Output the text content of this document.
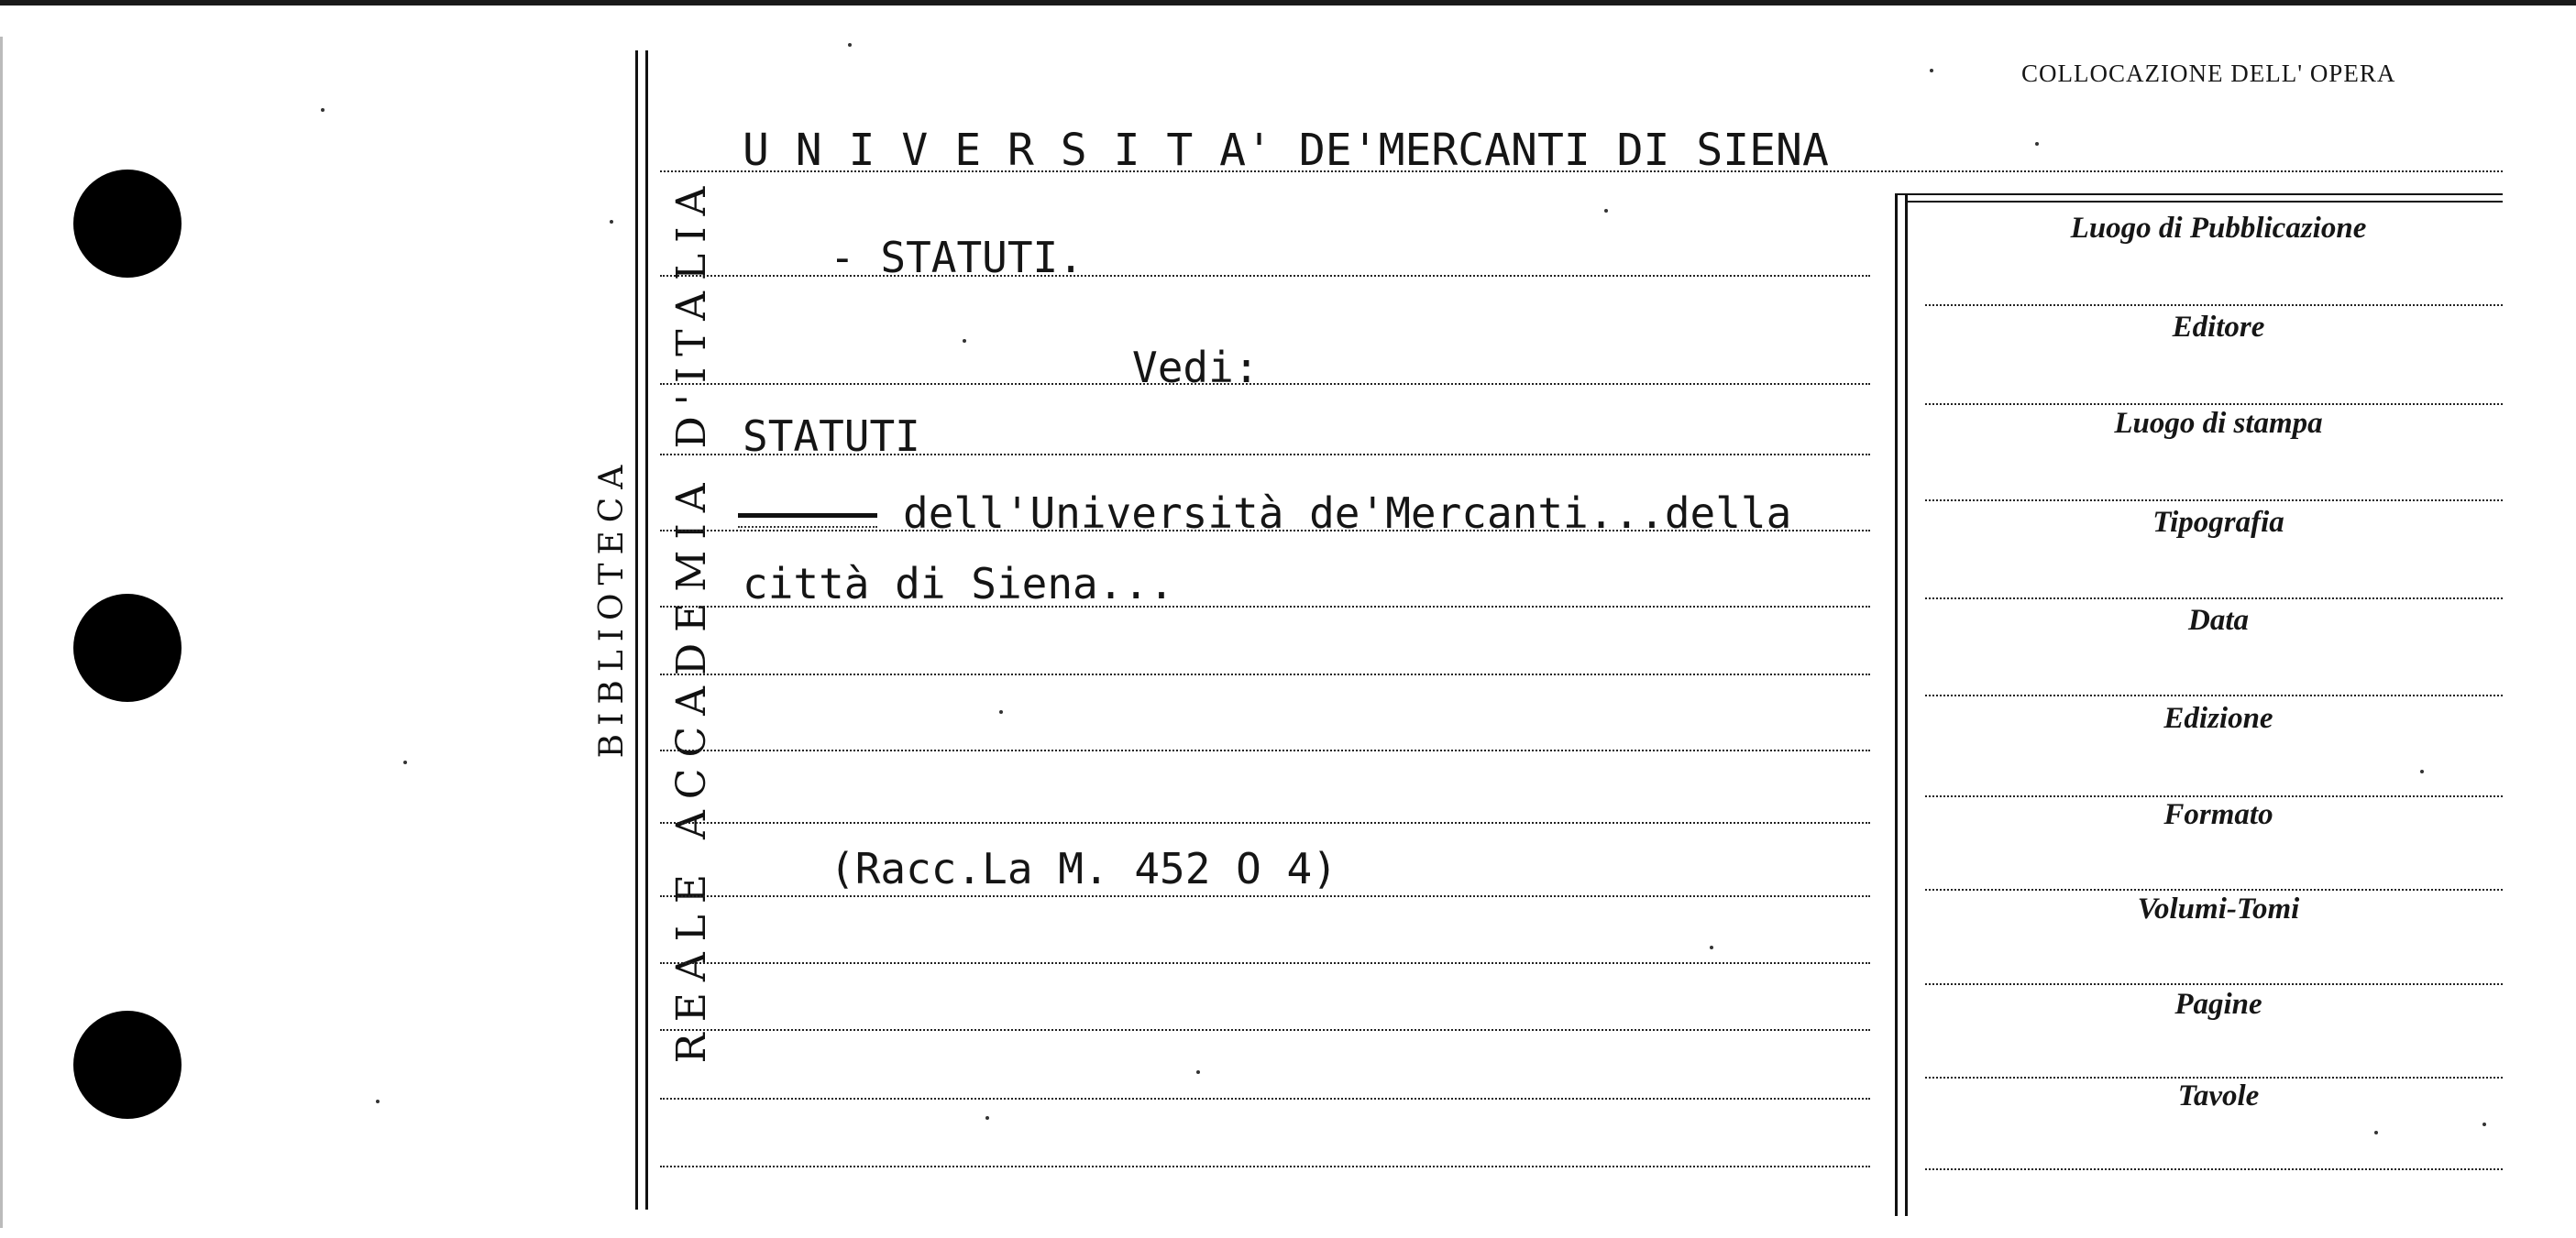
REALE ACCADEMIA D'ITALIA
BIBLIOTECA
COLLOCAZIONE DELL' OPERA
U N I V E R S I T A' DE'MERCANTI DI SIENA
- STATUTI.
Vedi:
STATUTI
dell'Università de'Mercanti...della
città di Siena...
(Racc.La M. 452 O 4)
Luogo di Pubblicazione
Editore
Luogo di stampa
Tipografia
Data
Edizione
Formato
Volumi-Tomi
Pagine
Tavole
